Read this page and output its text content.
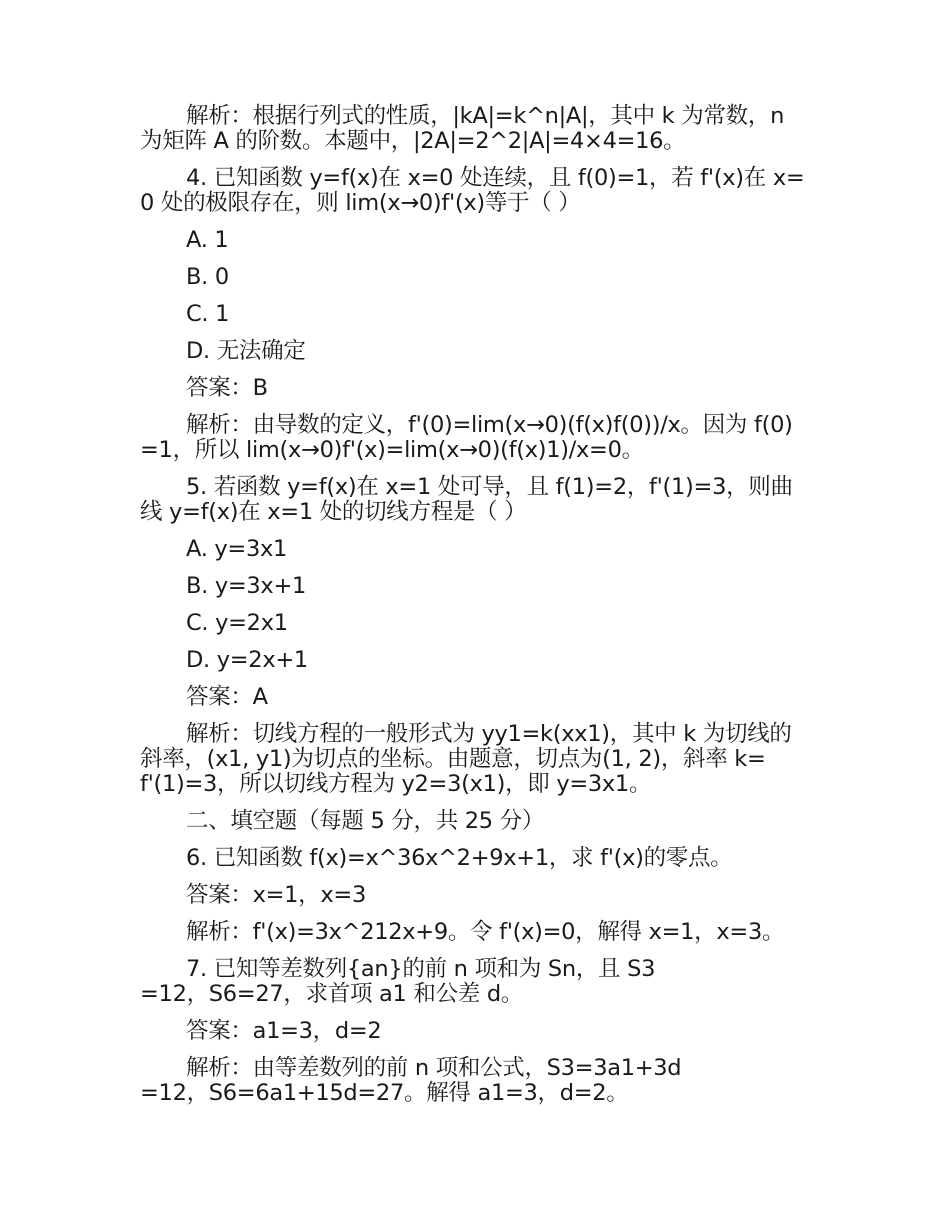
解析：根据行列式的性质，|kA|=k^n|A|，其中 k 为常数，n 为矩阵 A 的阶数。本题中，|2A|=2^2|A|=4×4=16。

4. 已知函数 y=f(x)在 x=0 处连续，且 f(0)=1，若 f'(x)在 x=0 处的极限存在，则 lim(x→0)f'(x)等于（ ）

A. 1

B. 0

C. 1

D. 无法确定

答案：B

解析：由导数的定义，f'(0)=lim(x→0)(f(x)f(0))/x。因为 f(0)=1，所以 lim(x→0)f'(x)=lim(x→0)(f(x)1)/x=0。

5. 若函数 y=f(x)在 x=1 处可导，且 f(1)=2，f'(1)=3，则曲线 y=f(x)在 x=1 处的切线方程是（ ）

A. y=3x1

B. y=3x+1

C. y=2x1

D. y=2x+1

答案：A

解析：切线方程的一般形式为 yy1=k(xx1)，其中 k 为切线的斜率，(x1, y1)为切点的坐标。由题意，切点为(1, 2)，斜率 k=f'(1)=3，所以切线方程为 y2=3(x1)，即 y=3x1。

二、填空题（每题 5 分，共 25 分）

6. 已知函数 f(x)=x^36x^2+9x+1，求 f'(x)的零点。

答案：x=1，x=3

解析：f'(x)=3x^212x+9。令 f'(x)=0，解得 x=1，x=3。

7. 已知等差数列{an}的前 n 项和为 Sn，且 S3=12，S6=27，求首项 a1 和公差 d。

答案：a1=3，d=2

解析：由等差数列的前 n 项和公式，S3=3a1+3d=12，S6=6a1+15d=27。解得 a1=3，d=2。
